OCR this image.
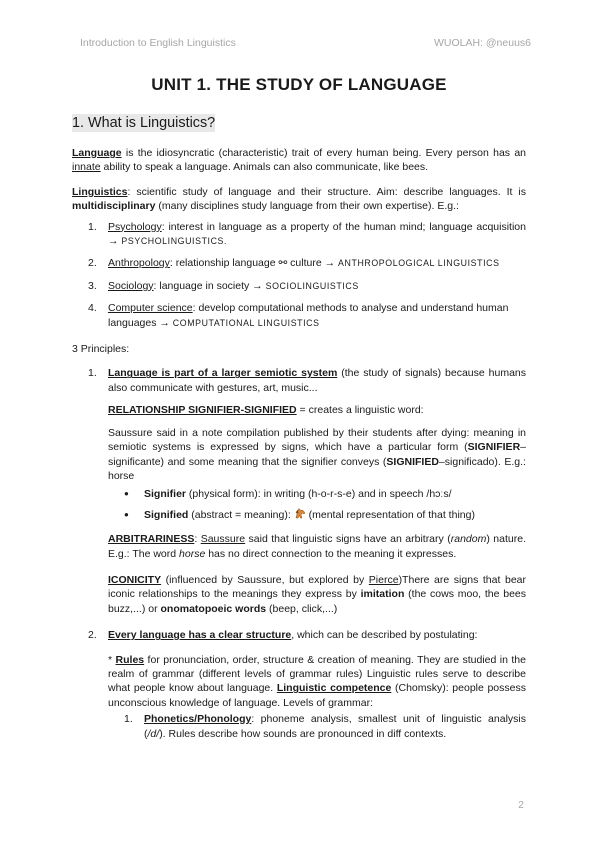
Introduction to English Linguistics	WUOLAH: @neuus6
UNIT 1. THE STUDY OF LANGUAGE
1. What is Linguistics?

Language is the idiosyncratic (characteristic) trait of every human being. Every person has an innate ability to speak a language. Animals can also communicate, like bees.

Linguistics: scientific study of language and their structure. Aim: describe languages. It is multidisciplinary (many disciplines study language from their own expertise). E.g.:

1. Psychology: interest in language as a property of the human mind; language acquisition → PSYCHOLINGUISTICS.
2. Anthropology: relationship language ⚯ culture → ANTHROPOLOGICAL LINGUISTICS
3. Sociology: language in society → SOCIOLINGUISTICS
4. Computer science: develop computational methods to analyse and understand human languages → COMPUTATIONAL LINGUISTICS

3 Principles:

1. Language is part of a larger semiotic system (the study of signals) because humans also communicate with gestures, art, music...

RELATIONSHIP SIGNIFIER-SIGNIFIED = creates a linguistic word:

Saussure said in a note compilation published by their students after dying: meaning in semiotic systems is expressed by signs, which have a particular form (SIGNIFIER–significante) and some meaning that the signifier conveys (SIGNIFIED–significado). E.g.: horse

● Signifier (physical form): in writing (h-o-r-s-e) and in speech /hɔːs/
● Signified (abstract = meaning):  (mental representation of that thing)

ARBITRARINESS: Saussure said that linguistic signs have an arbitrary (random) nature. E.g.: The word horse has no direct connection to the meaning it expresses.

ICONICITY (influenced by Saussure, but explored by Pierce)There are signs that bear iconic relationships to the meanings they express by imitation (the cows moo, the bees buzz,...) or onomatopoeic words (beep, click,...)

2. Every language has a clear structure, which can be described by postulating:

* Rules for pronunciation, order, structure & creation of meaning. They are studied in the realm of grammar (different levels of grammar rules) Linguistic rules serve to describe what people know about language. Linguistic competence (Chomsky): people possess unconscious knowledge of language. Levels of grammar:

1. Phonetics/Phonology: phoneme analysis, smallest unit of linguistic analysis (/d/). Rules describe how sounds are pronounced in diff contexts.
2
